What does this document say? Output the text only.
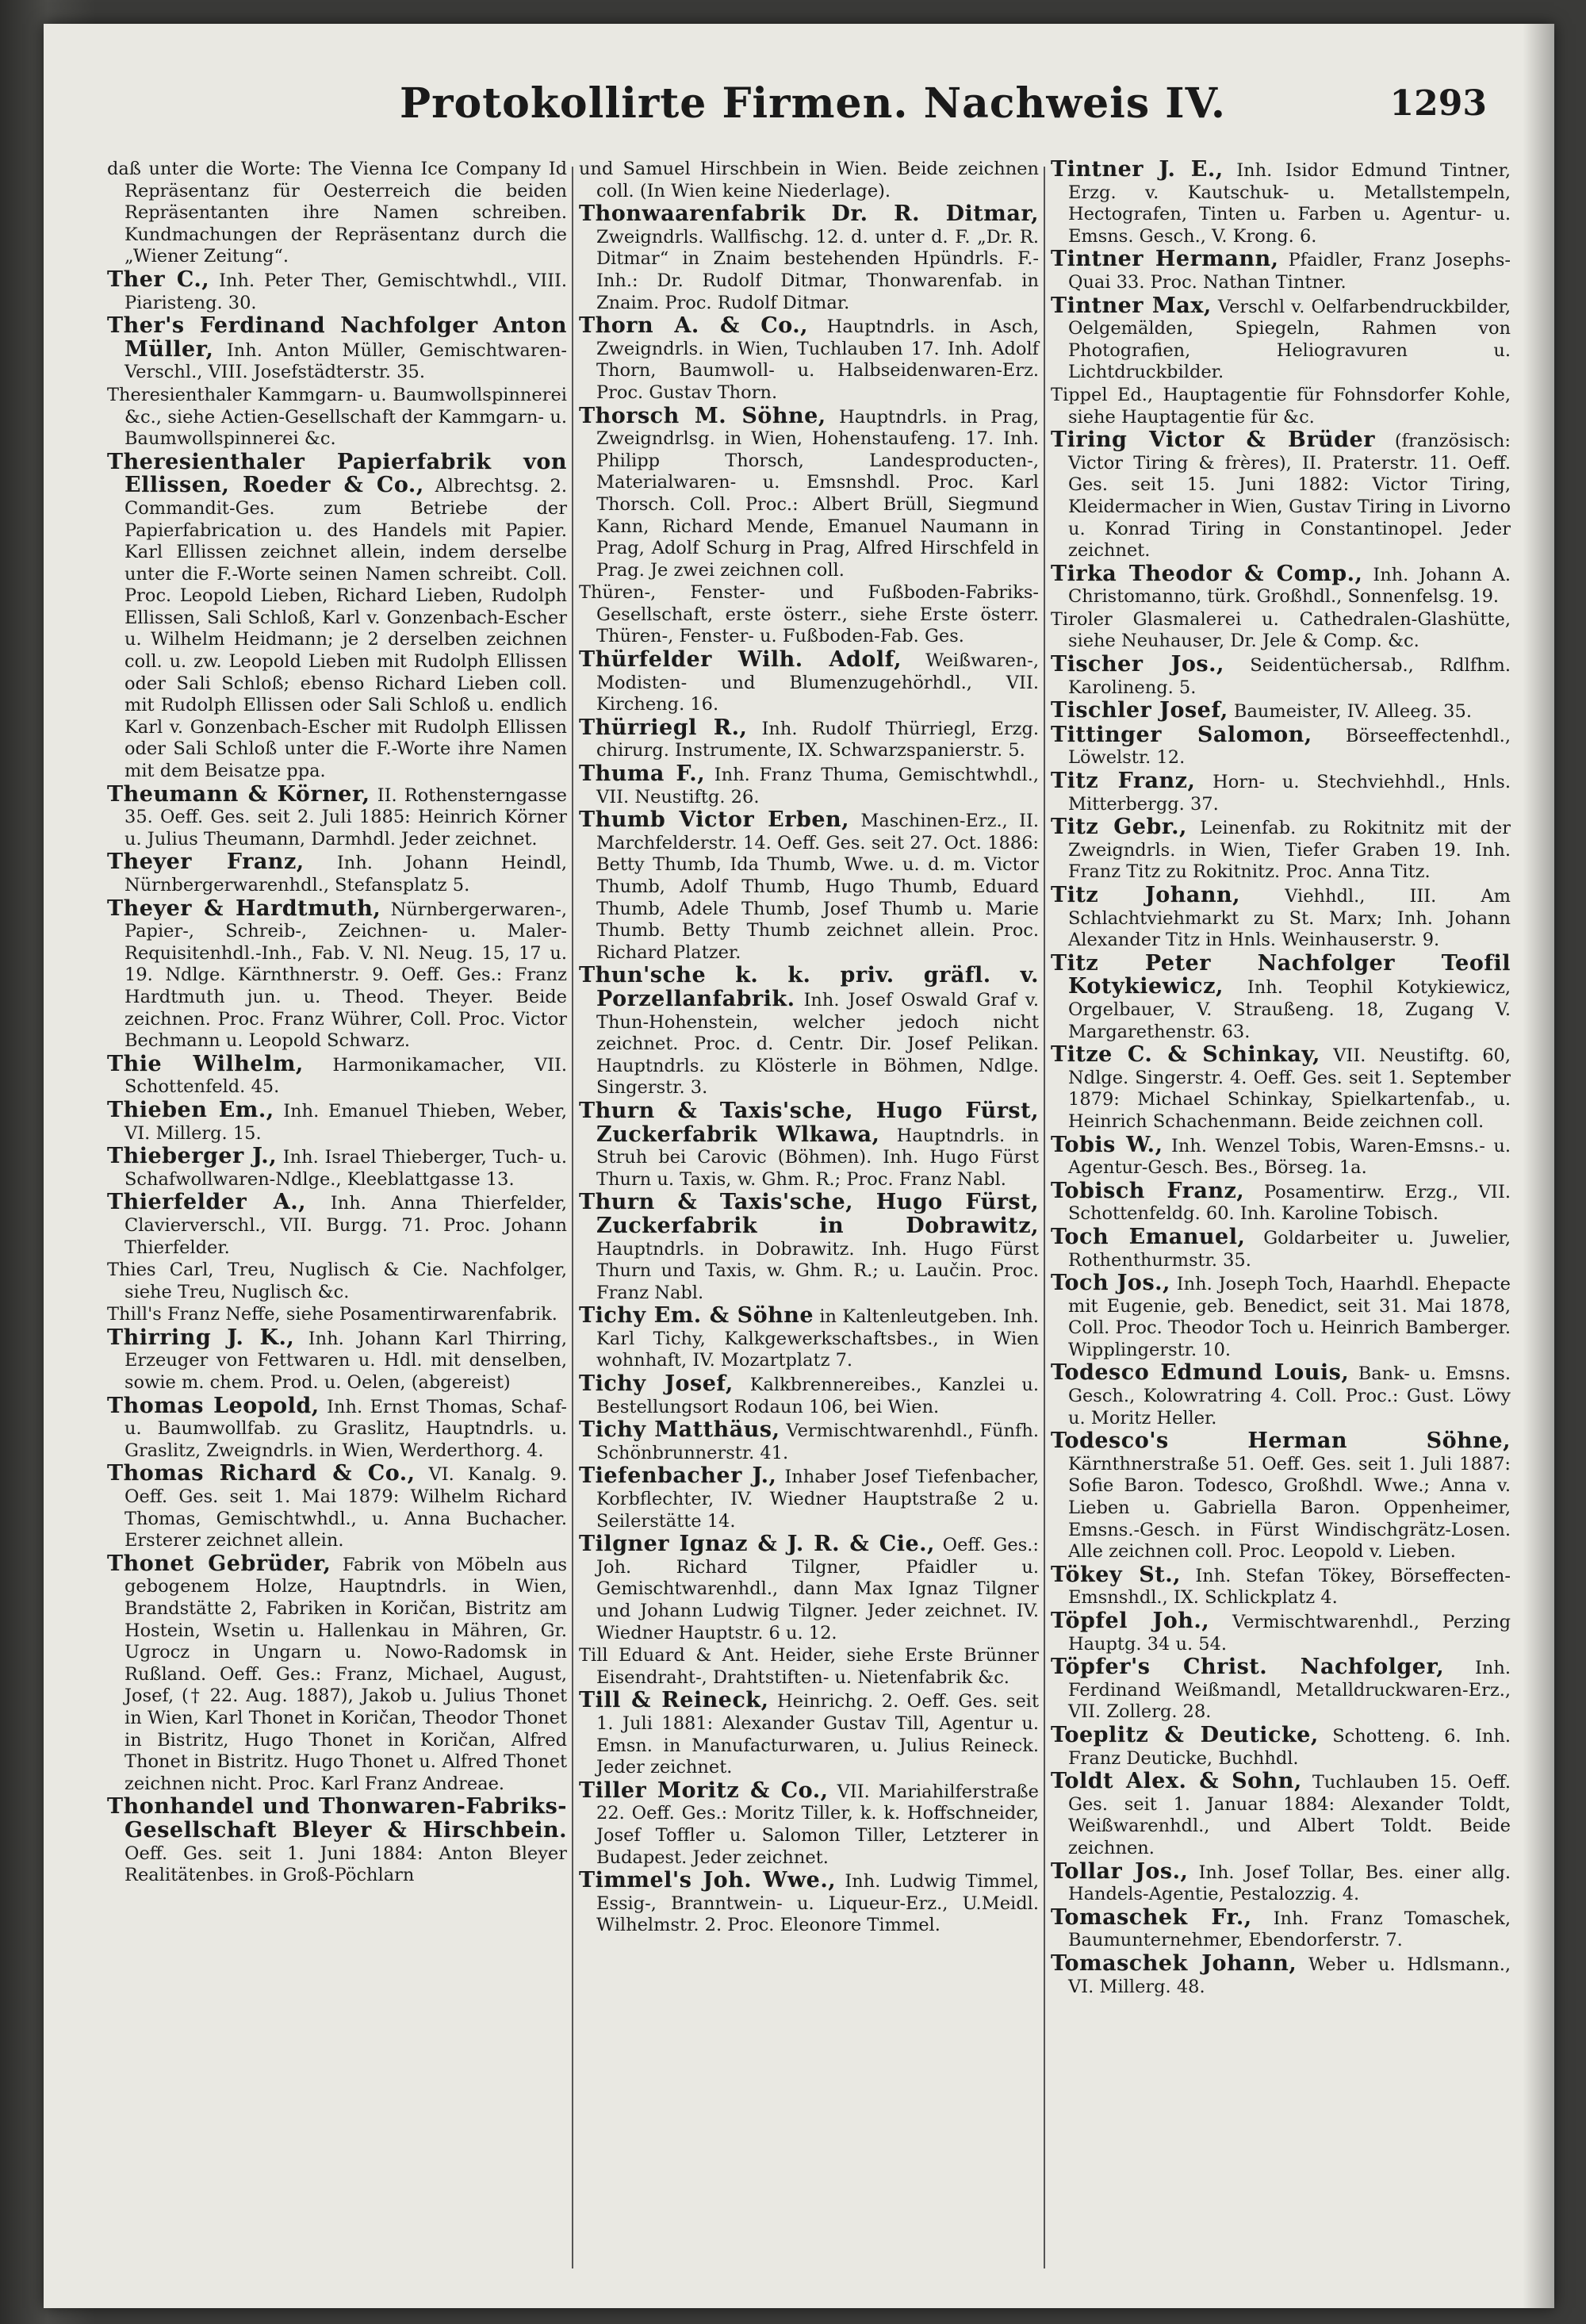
Protokollirte Firmen. Nachweis IV.	1293
daß unter die Worte: The Vienna Ice Company Id Repräsentanz für Oesterreich die beiden Repräsentanten ihre Namen schreiben. Kundmachungen der Repräsentanz durch die „Wiener Zeitung“.
Ther C., Inh. Peter Ther, Gemischtwhdl., VIII. Piaristeng. 30.
Ther's Ferdinand Nachfolger Anton Müller, Inh. Anton Müller, Gemischtwaren-Verschl., VIII. Josefstädterstr. 35.
Theresienthaler Kammgarn- u. Baumwollspinnerei &c., siehe Actien-Gesellschaft der Kammgarn- u. Baumwollspinnerei &c.
Theresienthaler Papierfabrik von Ellissen, Roeder & Co., Albrechtsg. 2. Commandit-Ges. zum Betriebe der Papierfabrication u. des Handels mit Papier. Karl Ellissen zeichnet allein, indem derselbe unter die F.-Worte seinen Namen schreibt. Coll. Proc. Leopold Lieben, Richard Lieben, Rudolph Ellissen, Sali Schloß, Karl v. Gonzenbach-Escher u. Wilhelm Heidmann; je 2 derselben zeichnen coll. u. zw. Leopold Lieben mit Rudolph Ellissen oder Sali Schloß; ebenso Richard Lieben coll. mit Rudolph Ellissen oder Sali Schloß u. endlich Karl v. Gonzenbach-Escher mit Rudolph Ellissen oder Sali Schloß unter die F.-Worte ihre Namen mit dem Beisatze ppa.
Theumann & Körner, II. Rothensterngasse 35. Oeff. Ges. seit 2. Juli 1885: Heinrich Körner u. Julius Theumann, Darmhdl. Jeder zeichnet.
Theyer Franz, Inh. Johann Heindl, Nürnbergerwarenhdl., Stefansplatz 5.
Theyer & Hardtmuth, Nürnbergerwaren-, Papier-, Schreib-, Zeichnen- u. Maler-Requisitenhdl.-Inh., Fab. V. Nl. Neug. 15, 17 u. 19. Ndlge. Kärnthnerstr. 9. Oeff. Ges.: Franz Hardtmuth jun. u. Theod. Theyer. Beide zeichnen. Proc. Franz Wührer, Coll. Proc. Victor Bechmann u. Leopold Schwarz.
Thie Wilhelm, Harmonikamacher, VII. Schottenfeld. 45.
Thieben Em., Inh. Emanuel Thieben, Weber, VI. Millerg. 15.
Thieberger J., Inh. Israel Thieberger, Tuch- u. Schafwollwaren-Ndlge., Kleeblattgasse 13.
Thierfelder A., Inh. Anna Thierfelder, Clavierverschl., VII. Burgg. 71. Proc. Johann Thierfelder.
Thies Carl, Treu, Nuglisch & Cie. Nachfolger, siehe Treu, Nuglisch &c.
Thill's Franz Neffe, siehe Posamentirwarenfabrik.
Thirring J. K., Inh. Johann Karl Thirring, Erzeuger von Fettwaren u. Hdl. mit denselben, sowie m. chem. Prod. u. Oelen, (abgereist)
Thomas Leopold, Inh. Ernst Thomas, Schaf- u. Baumwollfab. zu Graslitz, Hauptndrls. u. Graslitz, Zweigndrls. in Wien, Werderthorg. 4.
Thomas Richard & Co., VI. Kanalg. 9. Oeff. Ges. seit 1. Mai 1879: Wilhelm Richard Thomas, Gemischtwhdl., u. Anna Buchacher. Ersterer zeichnet allein.
Thonet Gebrüder, Fabrik von Möbeln aus gebogenem Holze, Hauptndrls. in Wien, Brandstätte 2, Fabriken in Koričan, Bistritz am Hostein, Wsetin u. Hallenkau in Mähren, Gr. Ugrocz in Ungarn u. Nowo-Radomsk in Rußland. Oeff. Ges.: Franz, Michael, August, Josef, († 22. Aug. 1887), Jakob u. Julius Thonet in Wien, Karl Thonet in Koričan, Theodor Thonet in Bistritz, Hugo Thonet in Koričan, Alfred Thonet in Bistritz. Hugo Thonet u. Alfred Thonet zeichnen nicht. Proc. Karl Franz Andreae.
Thonhandel und Thonwaren-Fabriks-Gesellschaft Bleyer & Hirschbein. Oeff. Ges. seit 1. Juni 1884: Anton Bleyer Realitätenbes. in Groß-Pöchlarn
und Samuel Hirschbein in Wien. Beide zeichnen coll. (In Wien keine Niederlage).
Thonwaarenfabrik Dr. R. Ditmar, Zweigndrls. Wallfischg. 12. d. unter d. F. „Dr. R. Ditmar“ in Znaim bestehenden Hpündrls. F.-Inh.: Dr. Rudolf Ditmar, Thonwarenfab. in Znaim. Proc. Rudolf Ditmar.
Thorn A. & Co., Hauptndrls. in Asch, Zweigndrls. in Wien, Tuchlauben 17. Inh. Adolf Thorn, Baumwoll- u. Halbseidenwaren-Erz. Proc. Gustav Thorn.
Thorsch M. Söhne, Hauptndrls. in Prag, Zweigndrlsg. in Wien, Hohenstaufeng. 17. Inh. Philipp Thorsch, Landesproducten-, Materialwaren- u. Emsnshdl. Proc. Karl Thorsch. Coll. Proc.: Albert Brüll, Siegmund Kann, Richard Mende, Emanuel Naumann in Prag, Adolf Schurg in Prag, Alfred Hirschfeld in Prag. Je zwei zeichnen coll.
Thüren-, Fenster- und Fußboden-Fabriks-Gesellschaft, erste österr., siehe Erste österr. Thüren-, Fenster- u. Fußboden-Fab. Ges.
Thürfelder Wilh. Adolf, Weißwaren-, Modisten- und Blumenzugehörhdl., VII. Kircheng. 16.
Thürriegl R., Inh. Rudolf Thürriegl, Erzg. chirurg. Instrumente, IX. Schwarzspanierstr. 5.
Thuma F., Inh. Franz Thuma, Gemischtwhdl., VII. Neustiftg. 26.
Thumb Victor Erben, Maschinen-Erz., II. Marchfelderstr. 14. Oeff. Ges. seit 27. Oct. 1886: Betty Thumb, Ida Thumb, Wwe. u. d. m. Victor Thumb, Adolf Thumb, Hugo Thumb, Eduard Thumb, Adele Thumb, Josef Thumb u. Marie Thumb. Betty Thumb zeichnet allein. Proc. Richard Platzer.
Thun'sche k. k. priv. gräfl. v. Porzellanfabrik. Inh. Josef Oswald Graf v. Thun-Hohenstein, welcher jedoch nicht zeichnet. Proc. d. Centr. Dir. Josef Pelikan. Hauptndrls. zu Klösterle in Böhmen, Ndlge. Singerstr. 3.
Thurn & Taxis'sche, Hugo Fürst, Zuckerfabrik Wlkawa, Hauptndrls. in Struh bei Carovic (Böhmen). Inh. Hugo Fürst Thurn u. Taxis, w. Ghm. R.; Proc. Franz Nabl.
Thurn & Taxis'sche, Hugo Fürst, Zuckerfabrik in Dobrawitz, Hauptndrls. in Dobrawitz. Inh. Hugo Fürst Thurn und Taxis, w. Ghm. R.; u. Laučin. Proc. Franz Nabl.
Tichy Em. & Söhne in Kaltenleutgeben. Inh. Karl Tichy, Kalkgewerkschaftsbes., in Wien wohnhaft, IV. Mozartplatz 7.
Tichy Josef, Kalkbrennereibes., Kanzlei u. Bestellungsort Rodaun 106, bei Wien.
Tichy Matthäus, Vermischtwarenhdl., Fünfh. Schönbrunnerstr. 41.
Tiefenbacher J., Inhaber Josef Tiefenbacher, Korbflechter, IV. Wiedner Hauptstraße 2 u. Seilerstätte 14.
Tilgner Ignaz & J. R. & Cie., Oeff. Ges.: Joh. Richard Tilgner, Pfaidler u. Gemischtwarenhdl., dann Max Ignaz Tilgner und Johann Ludwig Tilgner. Jeder zeichnet. IV. Wiedner Hauptstr. 6 u. 12.
Till Eduard & Ant. Heider, siehe Erste Brünner Eisendraht-, Drahtstiften- u. Nietenfabrik &c.
Till & Reineck, Heinrichg. 2. Oeff. Ges. seit 1. Juli 1881: Alexander Gustav Till, Agentur u. Emsn. in Manufacturwaren, u. Julius Reineck. Jeder zeichnet.
Tiller Moritz & Co., VII. Mariahilferstraße 22. Oeff. Ges.: Moritz Tiller, k. k. Hoffschneider, Josef Toffler u. Salomon Tiller, Letzterer in Budapest. Jeder zeichnet.
Timmel's Joh. Wwe., Inh. Ludwig Timmel, Essig-, Branntwein- u. Liqueur-Erz., U.Meidl. Wilhelmstr. 2. Proc. Eleonore Timmel.
Tintner J. E., Inh. Isidor Edmund Tintner, Erzg. v. Kautschuk- u. Metallstempeln, Hectografen, Tinten u. Farben u. Agentur- u. Emsns. Gesch., V. Krong. 6.
Tintner Hermann, Pfaidler, Franz Josephs-Quai 33. Proc. Nathan Tintner.
Tintner Max, Verschl v. Oelfarbendruckbilder, Oelgemälden, Spiegeln, Rahmen von Photografien, Heliogravuren u. Lichtdruckbilder.
Tippel Ed., Hauptagentie für Fohnsdorfer Kohle, siehe Hauptagentie für &c.
Tiring Victor & Brüder (französisch: Victor Tiring & frères), II. Praterstr. 11. Oeff. Ges. seit 15. Juni 1882: Victor Tiring, Kleidermacher in Wien, Gustav Tiring in Livorno u. Konrad Tiring in Constantinopel. Jeder zeichnet.
Tirka Theodor & Comp., Inh. Johann A. Christomanno, türk. Großhdl., Sonnenfelsg. 19.
Tiroler Glasmalerei u. Cathedralen-Glashütte, siehe Neuhauser, Dr. Jele & Comp. &c.
Tischer Jos., Seidentüchersab., Rdlfhm. Karolineng. 5.
Tischler Josef, Baumeister, IV. Alleeg. 35.
Tittinger Salomon, Börseeffectenhdl., Löwelstr. 12.
Titz Franz, Horn- u. Stechviehhdl., Hnls. Mitterbergg. 37.
Titz Gebr., Leinenfab. zu Rokitnitz mit der Zweigndrls. in Wien, Tiefer Graben 19. Inh. Franz Titz zu Rokitnitz. Proc. Anna Titz.
Titz Johann, Viehhdl., III. Am Schlachtviehmarkt zu St. Marx; Inh. Johann Alexander Titz in Hnls. Weinhauserstr. 9.
Titz Peter Nachfolger Teofil Kotykiewicz, Inh. Teophil Kotykiewicz, Orgelbauer, V. Straußeng. 18, Zugang V. Margarethenstr. 63.
Titze C. & Schinkay, VII. Neustiftg. 60, Ndlge. Singerstr. 4. Oeff. Ges. seit 1. September 1879: Michael Schinkay, Spielkartenfab., u. Heinrich Schachenmann. Beide zeichnen coll.
Tobis W., Inh. Wenzel Tobis, Waren-Emsns.- u. Agentur-Gesch. Bes., Börseg. 1a.
Tobisch Franz, Posamentirw. Erzg., VII. Schottenfeldg. 60. Inh. Karoline Tobisch.
Toch Emanuel, Goldarbeiter u. Juwelier, Rothenthurmstr. 35.
Toch Jos., Inh. Joseph Toch, Haarhdl. Ehepacte mit Eugenie, geb. Benedict, seit 31. Mai 1878, Coll. Proc. Theodor Toch u. Heinrich Bamberger. Wipplingerstr. 10.
Todesco Edmund Louis, Bank- u. Emsns. Gesch., Kolowratring 4. Coll. Proc.: Gust. Löwy u. Moritz Heller.
Todesco's Herman Söhne, Kärnthnerstraße 51. Oeff. Ges. seit 1. Juli 1887: Sofie Baron. Todesco, Großhdl. Wwe.; Anna v. Lieben u. Gabriella Baron. Oppenheimer, Emsns.-Gesch. in Fürst Windischgrätz-Losen. Alle zeichnen coll. Proc. Leopold v. Lieben.
Tökey St., Inh. Stefan Tökey, Börseffecten-Emsnshdl., IX. Schlickplatz 4.
Töpfel Joh., Vermischtwarenhdl., Perzing Hauptg. 34 u. 54.
Töpfer's Christ. Nachfolger, Inh. Ferdinand Weißmandl, Metalldruckwaren-Erz., VII. Zollerg. 28.
Toeplitz & Deuticke, Schotteng. 6. Inh. Franz Deuticke, Buchhdl.
Toldt Alex. & Sohn, Tuchlauben 15. Oeff. Ges. seit 1. Januar 1884: Alexander Toldt, Weißwarenhdl., und Albert Toldt. Beide zeichnen.
Tollar Jos., Inh. Josef Tollar, Bes. einer allg. Handels-Agentie, Pestalozzig. 4.
Tomaschek Fr., Inh. Franz Tomaschek, Baumunternehmer, Ebendorferstr. 7.
Tomaschek Johann, Weber u. Hdlsmann., VI. Millerg. 48.
